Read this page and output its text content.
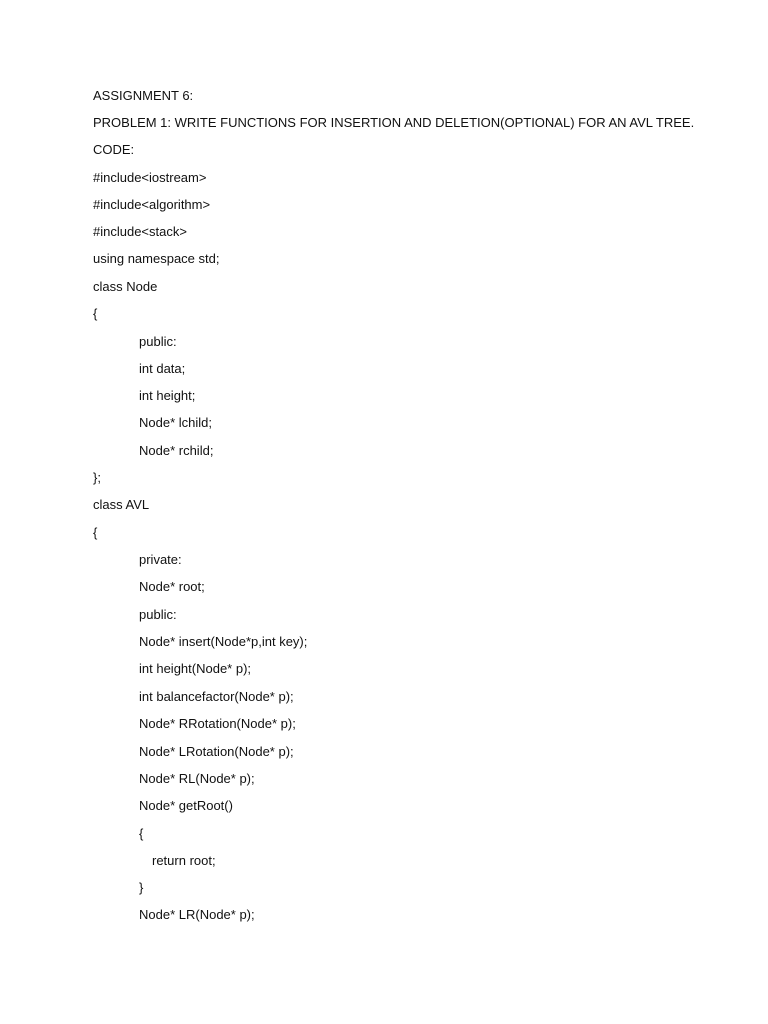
ASSIGNMENT 6:
PROBLEM 1: WRITE FUNCTIONS FOR INSERTION AND DELETION(OPTIONAL) FOR AN AVL TREE.
CODE:
#include<iostream>
#include<algorithm>
#include<stack>
using namespace std;
class Node
{
public:
int data;
int height;
Node* lchild;
Node* rchild;
};
class AVL
{
private:
Node* root;
public:
Node* insert(Node*p,int key);
int height(Node* p);
int balancefactor(Node* p);
Node* RRotation(Node* p);
Node* LRotation(Node* p);
Node* RL(Node* p);
Node* getRoot()
{
return root;
}
Node* LR(Node* p);
